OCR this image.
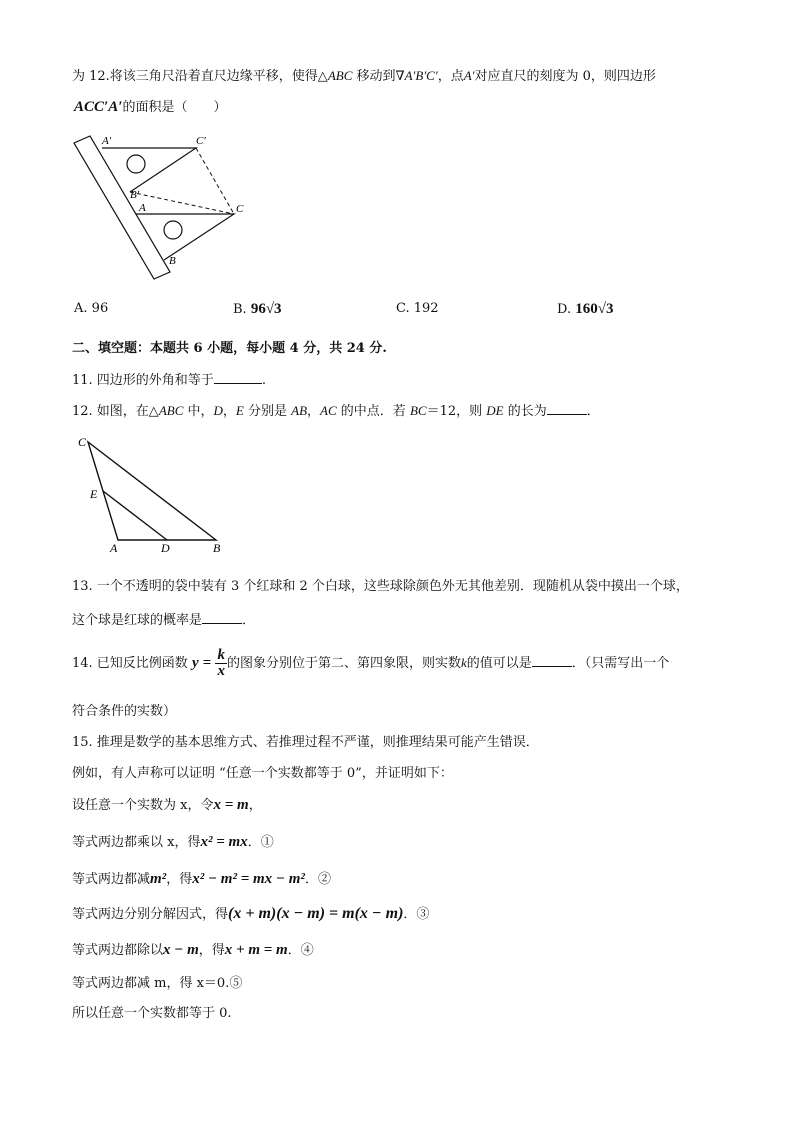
为 12.将该三角尺沿着直尺边缘平移，使得△ABC 移动到∇A′B′C′，点A′对应直尺的刻度为 0，则四边形
ACC′A′的面积是（　　）
A′	C′
B′
A	C
B
A. 96	B. 96√3	C. 192	D. 160√3
二、填空题：本题共 6 小题，每小题 4 分，共 24 分.
11. 四边形的外角和等于	.
12. 如图，在△ABC 中，D，E 分别是 AB，AC 的中点．若 BC＝12，则 DE 的长为	．
C
E
A	D	B
13. 一个不透明的袋中装有 3 个红球和 2 个白球，这些球除颜色外无其他差别．现随机从袋中摸出一个球，
这个球是红球的概率是	．
14. 已知反比例函数 $y = \frac{k}{x}$ 的图象分别位于第二、第四象限，则实数k的值可以是	．（只需写出一个
符合条件的实数）
15. 推理是数学的基本思维方式、若推理过程不严谨，则推理结果可能产生错误．
例如，有人声称可以证明 “任意一个实数都等于 0”，并证明如下：
设任意一个实数为 x，令x = m，
等式两边都乘以 x，得x² = mx．①
等式两边都减m²，得x² − m² = mx − m²．②
等式两边分别分解因式，得(x + m)(x − m) = m(x − m)．③
等式两边都除以x − m，得x + m = m．④
等式两边都减 m，得 x＝0.⑤
所以任意一个实数都等于 0.
